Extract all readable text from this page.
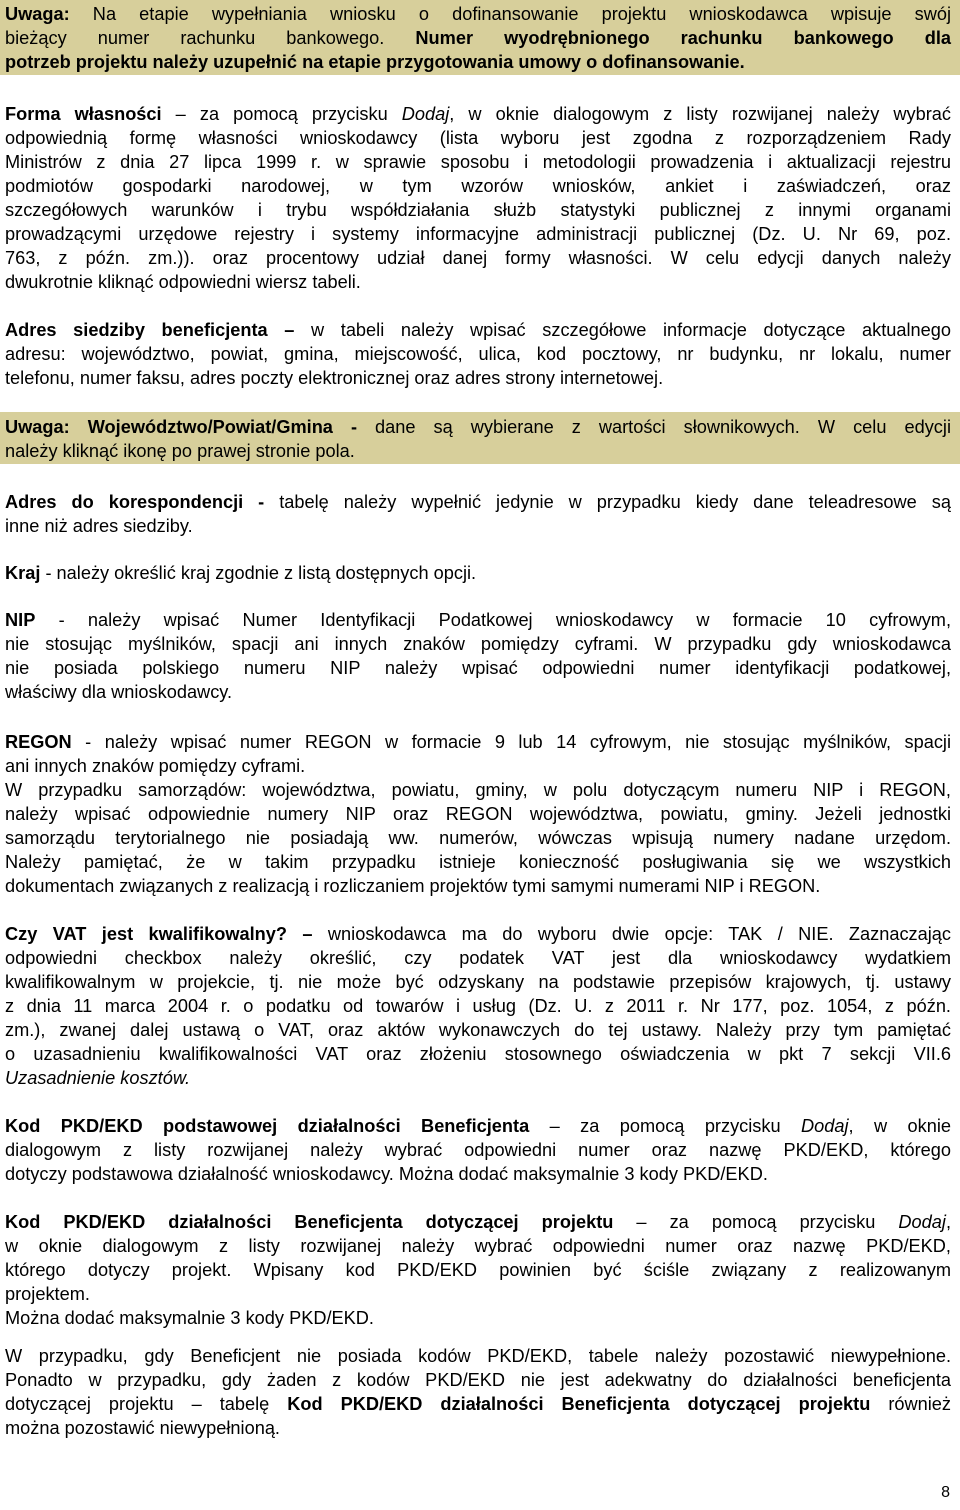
Uwaga: Na etapie wypełniania wniosku o dofinansowanie projektu wnioskodawca wpisuje swój
bieżący numer rachunku bankowego. Numer wyodrębnionego rachunku bankowego dla
potrzeb projektu należy uzupełnić na etapie przygotowania umowy o dofinansowanie.
Forma własności – za pomocą przycisku Dodaj, w oknie dialogowym z listy rozwijanej należy wybrać
odpowiednią formę własności wnioskodawcy (lista wyboru jest zgodna z rozporządzeniem Rady
Ministrów z dnia 27 lipca 1999 r. w sprawie sposobu i metodologii prowadzenia i aktualizacji rejestru
podmiotów gospodarki narodowej, w tym wzorów wniosków, ankiet i zaświadczeń, oraz
szczegółowych warunków i trybu współdziałania służb statystyki publicznej z innymi organami
prowadzącymi urzędowe rejestry i systemy informacyjne administracji publicznej (Dz. U. Nr 69, poz.
763, z późn. zm.)). oraz procentowy udział danej formy własności. W celu edycji danych należy
dwukrotnie kliknąć odpowiedni wiersz tabeli.
Adres siedziby beneficjenta – w tabeli należy wpisać szczegółowe informacje dotyczące aktualnego
adresu: województwo, powiat, gmina, miejscowość, ulica, kod pocztowy, nr budynku, nr lokalu, numer
telefonu, numer faksu, adres poczty elektronicznej oraz adres strony internetowej.
Uwaga: Województwo/Powiat/Gmina - dane są wybierane z wartości słownikowych. W celu edycji
należy kliknąć ikonę po prawej stronie pola.
Adres do korespondencji - tabelę należy wypełnić jedynie w przypadku kiedy dane teleadresowe są
inne niż adres siedziby.
Kraj - należy określić kraj zgodnie z listą dostępnych opcji.
NIP - należy wpisać Numer Identyfikacji Podatkowej wnioskodawcy w formacie 10 cyfrowym,
nie stosując myślników, spacji ani innych znaków pomiędzy cyframi. W przypadku gdy wnioskodawca
nie posiada polskiego numeru NIP należy wpisać odpowiedni numer identyfikacji podatkowej,
właściwy dla wnioskodawcy.
REGON - należy wpisać numer REGON w formacie 9 lub 14 cyfrowym, nie stosując myślników, spacji
ani innych znaków pomiędzy cyframi.
W przypadku samorządów: województwa, powiatu, gminy, w polu dotyczącym numeru NIP i REGON,
należy wpisać odpowiednie numery NIP oraz REGON województwa, powiatu, gminy. Jeżeli jednostki
samorządu terytorialnego nie posiadają ww. numerów, wówczas wpisują numery nadane urzędom.
Należy pamiętać, że w takim przypadku istnieje konieczność posługiwania się we wszystkich
dokumentach związanych z realizacją i rozliczaniem projektów tymi samymi numerami NIP i REGON.
Czy VAT jest kwalifikowalny? – wnioskodawca ma do wyboru dwie opcje: TAK / NIE. Zaznaczając
odpowiedni checkbox należy określić, czy podatek VAT jest dla wnioskodawcy wydatkiem
kwalifikowalnym w projekcie, tj. nie może być odzyskany na podstawie przepisów krajowych, tj. ustawy
z dnia 11 marca 2004 r. o podatku od towarów i usług (Dz. U. z 2011 r. Nr 177, poz. 1054, z późn.
zm.), zwanej dalej ustawą o VAT, oraz aktów wykonawczych do tej ustawy. Należy przy tym pamiętać
o uzasadnieniu kwalifikowalności VAT oraz złożeniu stosownego oświadczenia w pkt 7 sekcji VII.6
Uzasadnienie kosztów.
Kod PKD/EKD podstawowej działalności Beneficjenta – za pomocą przycisku Dodaj, w oknie
dialogowym z listy rozwijanej należy wybrać odpowiedni numer oraz nazwę PKD/EKD, którego
dotyczy podstawowa działalność wnioskodawcy. Można dodać maksymalnie 3 kody PKD/EKD.
Kod PKD/EKD działalności Beneficjenta dotyczącej projektu – za pomocą przycisku Dodaj,
w oknie dialogowym z listy rozwijanej należy wybrać odpowiedni numer oraz nazwę PKD/EKD,
którego dotyczy projekt. Wpisany kod PKD/EKD powinien być ściśle związany z realizowanym
projektem.
Można dodać maksymalnie 3 kody PKD/EKD.
W przypadku, gdy Beneficjent nie posiada kodów PKD/EKD, tabele należy pozostawić niewypełnione.
Ponadto w przypadku, gdy żaden z kodów PKD/EKD nie jest adekwatny do działalności beneficjenta
dotyczącej projektu – tabelę Kod PKD/EKD działalności Beneficjenta dotyczącej projektu również
można pozostawić niewypełnioną.
8
